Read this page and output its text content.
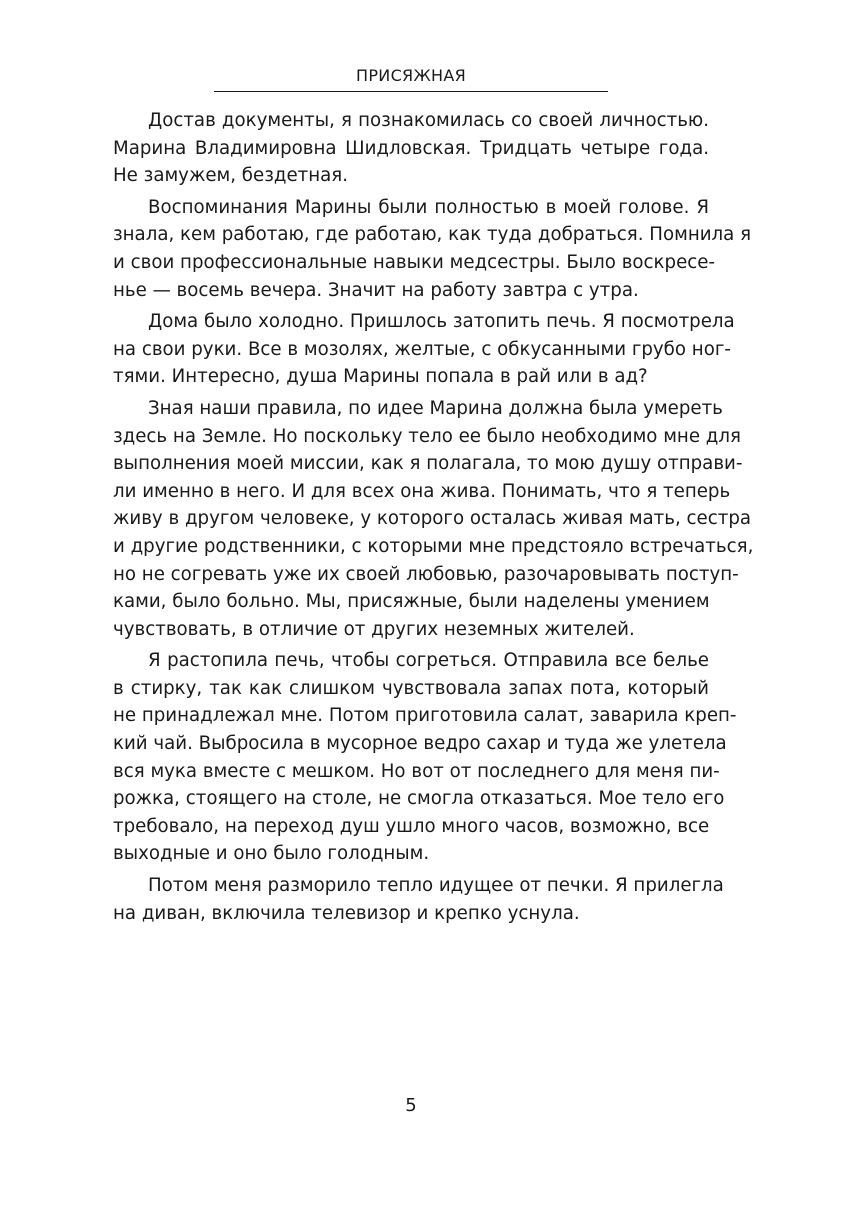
ПРИСЯЖНАЯ
Достав документы, я познакомилась со своей личностью.
Марина Владимировна Шидловская. Тридцать четыре года.
Не замужем, бездетная.
Воспоминания Марины были полностью в моей голове. Я
знала, кем работаю, где работаю, как туда добраться. Помнила я
и свои профессиональные навыки медсестры. Было воскресе-
нье — восемь вечера. Значит на работу завтра с утра.
Дома было холодно. Пришлось затопить печь. Я посмотрела
на свои руки. Все в мозолях, желтые, с обкусанными грубо ног-
тями. Интересно, душа Марины попала в рай или в ад?
Зная наши правила, по идее Марина должна была умереть
здесь на Земле. Но поскольку тело ее было необходимо мне для
выполнения моей миссии, как я полагала, то мою душу отправи-
ли именно в него. И для всех она жива. Понимать, что я теперь
живу в другом человеке, у которого осталась живая мать, сестра
и другие родственники, с которыми мне предстояло встречаться,
но не согревать уже их своей любовью, разочаровывать поступ-
ками, было больно. Мы, присяжные, были наделены умением
чувствовать, в отличие от других неземных жителей.
Я растопила печь, чтобы согреться. Отправила все белье
в стирку, так как слишком чувствовала запах пота, который
не принадлежал мне. Потом приготовила салат, заварила креп-
кий чай. Выбросила в мусорное ведро сахар и туда же улетела
вся мука вместе с мешком. Но вот от последнего для меня пи-
рожка, стоящего на столе, не смогла отказаться. Мое тело его
требовало, на переход душ ушло много часов, возможно, все
выходные и оно было голодным.
Потом меня разморило тепло идущее от печки. Я прилегла
на диван, включила телевизор и крепко уснула.
5
